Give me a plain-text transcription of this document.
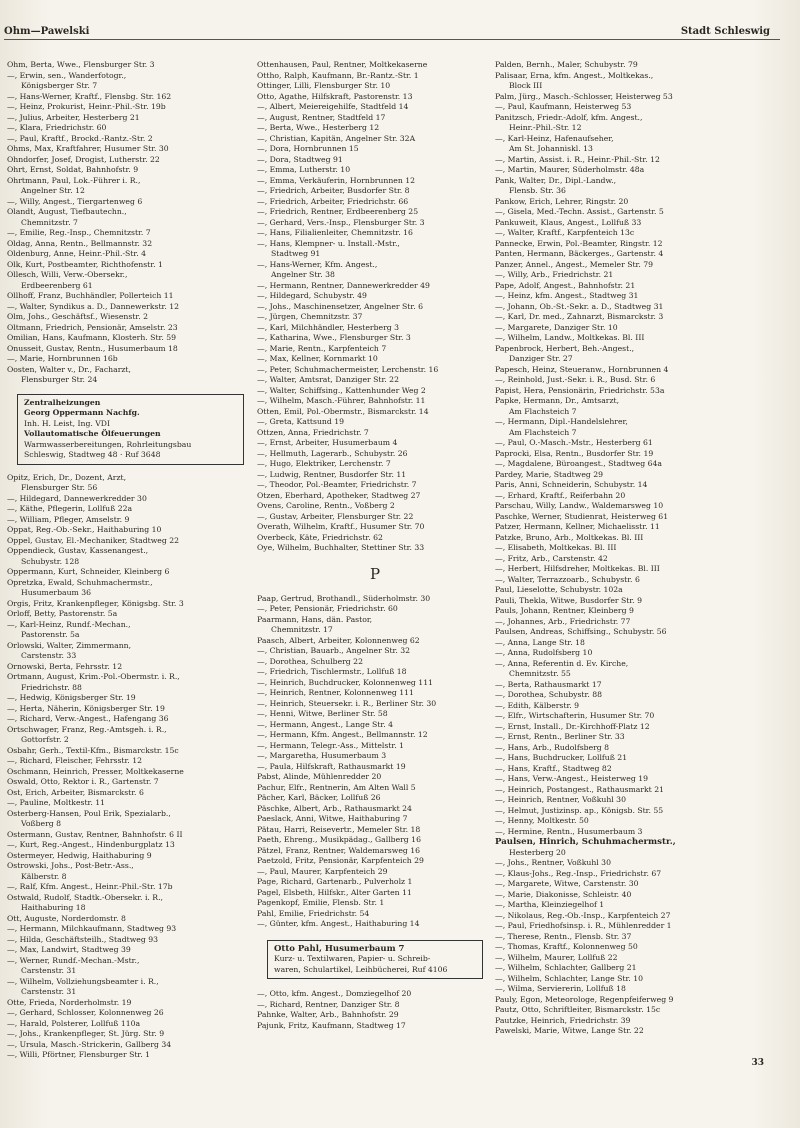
Ohm—Pawelski	Stadt Schleswig
Ohm, Berta, Wwe., Flensburger Str. 3
—, Erwin, sen., Wanderfotogr.,
Königsberger Str. 7
—, Hans-Werner, Kraftf., Flensbg. Str. 162
—, Heinz, Prokurist, Heinr.-Phil.-Str. 19b
—, Julius, Arbeiter, Hesterberg 21
—, Klara, Friedrichstr. 60
—, Paul, Kraftf., Brockd.-Rantz.-Str. 2
Ohms, Max, Kraftfahrer, Husumer Str. 30
Ohndorfer, Josef, Drogist, Lutherstr. 22
Ohrt, Ernst, Soldat, Bahnhofstr. 9
Ohrtmann, Paul, Lok.-Führer i. R.,
Angelner Str. 12
—, Willy, Angest., Tiergartenweg 6
Olandt, August, Tiefbautechn.,
Chemnitzstr. 7
—, Emilie, Reg.-Insp., Chemnitzstr. 7
Oldag, Anna, Rentn., Bellmannstr. 32
Oldenburg, Anne, Heinr.-Phil.-Str. 4
Olk, Kurt, Postbeamter, Richthofenstr. 1
Ollesch, Willi, Verw.-Obersekr.,
Erdbeerenberg 61
Ollhoff, Franz, Buchhändler, Pollerteich 11
—, Walter, Syndikus a. D., Dannewerkstr. 12
Olm, Johs., Geschäftsf., Wiesenstr. 2
Oltmann, Friedrich, Pensionär, Amselstr. 23
Omilian, Hans, Kaufmann, Klosterh. Str. 59
Onusseit, Gustav, Rentn., Husumerbaum 18
—, Marie, Hornbrunnen 16b
Oosten, Walter v., Dr., Facharzt,
Flensburger Str. 24
Zentralheizungen
Georg Oppermann Nachfg.
Inh. H. Leist, Ing. VDI
Vollautomatische Ölfeuerungen
Warmwasserbereitungen, Rohrleitungsbau
Schleswig, Stadtweg 48 · Ruf 3648
Opitz, Erich, Dr., Dozent, Arzt,
Flensburger Str. 56
—, Hildegard, Dannewerkredder 30
—, Käthe, Pflegerin, Lollfuß 22a
—, William, Pfleger, Amselstr. 9
Oppat, Reg.-Ob.-Sekr., Haithaburing 10
Oppel, Gustav, El.-Mechaniker, Stadtweg 22
Oppendieck, Gustav, Kassenangest.,
Schubystr. 128
Oppermann, Kurt, Schneider, Kleinberg 6
Opretzka, Ewald, Schuhmachermstr.,
Husumerbaum 36
Orgis, Fritz, Krankenpfleger, Königsbg. Str. 3
Orloff, Betty, Pastorenstr. 5a
—, Karl-Heinz, Rundf.-Mechan.,
Pastorenstr. 5a
Orlowski, Walter, Zimmermann,
Carstenstr. 33
Ornowski, Berta, Fehrsstr. 12
Ortmann, August, Krim.-Pol.-Obermstr. i. R.,
Friedrichstr. 88
—, Hedwig, Königsberger Str. 19
—, Herta, Näherin, Königsberger Str. 19
—, Richard, Verw.-Angest., Hafengang 36
Ortschwager, Franz, Reg.-Amtsgeh. i. R.,
Gottorfstr. 2
Osbahr, Gerh., Textil-Kfm., Bismarckstr. 15c
—, Richard, Fleischer, Fehrsstr. 12
Oschmann, Heinrich, Presser, Moltkekaserne
Oswald, Otto, Rektor i. R., Gartenstr. 7
Ost, Erich, Arbeiter, Bismarckstr. 6
—, Pauline, Moltkestr. 11
Osterberg-Hansen, Poul Erik, Spezialarb.,
Voßberg 8
Ostermann, Gustav, Rentner, Bahnhofstr. 6 II
—, Kurt, Reg.-Angest., Hindenburgplatz 13
Ostermeyer, Hedwig, Haithaburing 9
Ostrowski, Johs., Post-Betr.-Ass.,
Kälberstr. 8
—, Ralf, Kfm. Angest., Heinr.-Phil.-Str. 17b
Ostwald, Rudolf, Stadtk.-Obersekr. i. R.,
Haithaburing 18
Ott, Auguste, Norderdomstr. 8
—, Hermann, Milchkaufmann, Stadtweg 93
—, Hilda, Geschäftsteilh., Stadtweg 93
—, Max, Landwirt, Stadtweg 39
—, Werner, Rundf.-Mechan.-Mstr.,
Carstenstr. 31
—, Wilhelm, Vollziehungsbeamter i. R.,
Carstenstr. 31
Otte, Frieda, Norderholmstr. 19
—, Gerhard, Schlosser, Kolonnenweg 26
—, Harald, Polsterer, Lollfuß 110a
—, Johs., Krankenpfleger, St. Jürg. Str. 9
—, Ursula, Masch.-Strickerin, Gallberg 34
—, Willi, Pförtner, Flensburger Str. 1
Ottenhausen, Paul, Rentner, Moltkekaserne
Ottho, Ralph, Kaufmann, Br.-Rantz.-Str. 1
Ottinger, Lilli, Flensburger Str. 10
Otto, Agathe, Hilfskraft, Pastorenstr. 13
—, Albert, Meiereigehilfe, Stadtfeld 14
—, August, Rentner, Stadtfeld 17
—, Berta, Wwe., Hesterberg 12
—, Christian, Kapitän, Angelner Str. 32A
—, Dora, Hornbrunnen 15
—, Dora, Stadtweg 91
—, Emma, Lutherstr. 10
—, Emma, Verkäuferin, Hornbrunnen 12
—, Friedrich, Arbeiter, Busdorfer Str. 8
—, Friedrich, Arbeiter, Friedrichstr. 66
—, Friedrich, Rentner, Erdbeerenberg 25
—, Gerhard, Vers.-Insp., Flensburger Str. 3
—, Hans, Filialienleiter, Chemnitzstr. 16
—, Hans, Klempner- u. Install.-Mstr.,
Stadtweg 91
—, Hans-Werner, Kfm. Angest.,
Angelner Str. 38
—, Hermann, Rentner, Dannewerkredder 49
—, Hildegard, Schubystr. 49
—, Johs., Maschinensetzer, Angelner Str. 6
—, Jürgen, Chemnitzstr. 37
—, Karl, Milchhändler, Hesterberg 3
—, Katharina, Wwe., Flensburger Str. 3
—, Marie, Rentn., Karpfenteich 7
—, Max, Kellner, Kornmarkt 10
—, Peter, Schuhmachermeister, Lerchenstr. 16
—, Walter, Amtsrat, Danziger Str. 22
—, Walter, Schiffsing., Kattenhunder Weg 2
—, Wilhelm, Masch.-Führer, Bahnhofstr. 11
Otten, Emil, Pol.-Obermstr., Bismarckstr. 14
—, Greta, Kattsund 19
Ottzen, Anna, Friedrichstr. 7
—, Ernst, Arbeiter, Husumerbaum 4
—, Hellmuth, Lagerarb., Schubystr. 26
—, Hugo, Elektriker, Lerchenstr. 7
—, Ludwig, Rentner, Busdorfer Str. 11
—, Theodor, Pol.-Beamter, Friedrichstr. 7
Otzen, Eberhard, Apotheker, Stadtweg 27
Ovens, Caroline, Rentn., Voßberg 2
—, Gustav, Arbeiter, Flensburger Str. 22
Overath, Wilhelm, Kraftf., Husumer Str. 70
Overbeck, Käte, Friedrichstr. 62
Oye, Wilhelm, Buchhalter, Stettiner Str. 33
P
Paap, Gertrud, Brothandl., Süderholmstr. 30
—, Peter, Pensionär, Friedrichstr. 60
Paarmann, Hans, dän. Pastor,
Chemnitzstr. 17
Paasch, Albert, Arbeiter, Kolonnenweg 62
—, Christian, Bauarb., Angelner Str. 32
—, Dorothea, Schulberg 22
—, Friedrich, Tischlermstr., Lollfuß 18
—, Heinrich, Buchdrucker, Kolonnenweg 111
—, Heinrich, Rentner, Kolonnenweg 111
—, Heinrich, Steuersekr. i. R., Berliner Str. 30
—, Henni, Witwe, Berliner Str. 58
—, Hermann, Angest., Lange Str. 4
—, Hermann, Kfm. Angest., Bellmannstr. 12
—, Hermann, Telegr.-Ass., Mittelstr. 1
—, Margaretha, Husumerbaum 3
—, Paula, Hilfskraft, Rathausmarkt 19
Pabst, Alinde, Mühlenredder 20
Pachur, Elfr., Rentnerin, Am Alten Wall 5
Pächer, Karl, Bäcker, Lollfuß 26
Päschke, Albert, Arb., Rathausmarkt 24
Paeslack, Anni, Witwe, Haithaburing 7
Pätau, Harri, Reisevertr., Memeler Str. 18
Paeth, Ehreng., Musikpädag., Gallberg 16
Pätzel, Franz, Rentner, Waldemarsweg 16
Paetzold, Fritz, Pensionär, Karpfenteich 29
—, Paul, Maurer, Karpfenteich 29
Page, Richard, Gartenarb., Pulverholz 1
Pagel, Elsbeth, Hilfskr., Alter Garten 11
Pagenkopf, Emilie, Flensb. Str. 1
Pahl, Emilie, Friedrichstr. 54
—, Günter, kfm. Angest., Haithaburing 14
Otto Pahl, Husumerbaum 7
Kurz- u. Textilwaren, Papier- u. Schreib-
waren, Schulartikel, Leihbücherei, Ruf 4106
—, Otto, kfm. Angest., Domziegelhof 20
—, Richard, Rentner, Danziger Str. 8
Pahnke, Walter, Arb., Bahnhofstr. 29
Pajunk, Fritz, Kaufmann, Stadtweg 17
Palden, Bernh., Maler, Schubystr. 79
Palisaar, Erna, kfm. Angest., Moltkekas.,
Block III
Palm, Jürg., Masch.-Schlosser, Heisterweg 53
—, Paul, Kaufmann, Heisterweg 53
Panitzsch, Friedr.-Adolf, kfm. Angest.,
Heinr.-Phil.-Str. 12
—, Karl-Heinz, Hafenaufseher,
Am St. Johanniskl. 13
—, Martin, Assist. i. R., Heinr.-Phil.-Str. 12
—, Martin, Maurer, Süderholmstr. 48a
Pank, Walter, Dr., Dipl.-Landw.,
Flensb. Str. 36
Pankow, Erich, Lehrer, Ringstr. 20
—, Gisela, Med.-Techn. Assist., Gartenstr. 5
Pankuweit, Klaus, Angest., Lollfuß 33
—, Walter, Kraftf., Karpfenteich 13c
Pannecke, Erwin, Pol.-Beamter, Ringstr. 12
Panten, Hermann, Bäckerges., Gartenstr. 4
Panzer, Annel., Angest., Memeler Str. 79
—, Willy, Arb., Friedrichstr. 21
Pape, Adolf, Angest., Bahnhofstr. 21
—, Heinz, kfm. Angest., Stadtweg 31
—, Johann, Ob.-St.-Sekr. a. D., Stadtweg 31
—, Karl, Dr. med., Zahnarzt, Bismarckstr. 3
—, Margarete, Danziger Str. 10
—, Wilhelm, Landw., Moltkekas. Bl. III
Papenbrock, Herbert, Beh.-Angest.,
Danziger Str. 27
Papesch, Heinz, Steueranw., Hornbrunnen 4
—, Reinhold, Just.-Sekr. i. R., Busd. Str. 6
Papist, Hera, Pensionärin, Friedrichstr. 53a
Papke, Hermann, Dr., Amtsarzt,
Am Flachsteich 7
—, Hermann, Dipl.-Handelslehrer,
Am Flachsteich 7
—, Paul, O.-Masch.-Mstr., Hesterberg 61
Paprocki, Elsa, Rentn., Busdorfer Str. 19
—, Magdalene, Büroangest., Stadtweg 64a
Pardey, Marie, Stadtweg 29
Paris, Anni, Schneiderin, Schubystr. 14
—, Erhard, Kraftf., Reiferbahn 20
Parschau, Willy, Landw., Waldemarsweg 10
Paschke, Werner, Studienrat, Heisterweg 61
Patzer, Hermann, Kellner, Michaelisstr. 11
Patzke, Bruno, Arb., Moltkekas. Bl. III
—, Elisabeth, Moltkekas. Bl. III
—, Fritz, Arb., Carstenstr. 42
—, Herbert, Hilfsdreher, Moltkekas. Bl. III
—, Walter, Terrazzoarb., Schubystr. 6
Paul, Lieselotte, Schubystr. 102a
Pauli, Thekla, Witwe, Busdorfer Str. 9
Pauls, Johann, Rentner, Kleinberg 9
—, Johannes, Arb., Friedrichstr. 77
Paulsen, Andreas, Schiffsing., Schubystr. 56
—, Anna, Lange Str. 18
—, Anna, Rudolfsberg 10
—, Anna, Referentin d. Ev. Kirche,
Chemnitzstr. 55
—, Berta, Rathausmarkt 17
—, Dorothea, Schubystr. 88
—, Edith, Kälberstr. 9
—, Elfr., Wirtschafterin, Husumer Str. 70
—, Ernst, Install., Dr.-Kirchhoff-Platz 12
—, Ernst, Rentn., Berliner Str. 33
—, Hans, Arb., Rudolfsberg 8
—, Hans, Buchdrucker, Lollfuß 21
—, Hans, Kraftf., Stadtweg 82
—, Hans, Verw.-Angest., Heisterweg 19
—, Heinrich, Postangest., Rathausmarkt 21
—, Heinrich, Rentner, Voßkuhl 30
—, Helmut, Justizinsp. ap., Königsb. Str. 55
—, Henny, Moltkestr. 50
—, Hermine, Rentn., Husumerbaum 3
Paulsen, Hinrich, Schuhmachermstr.,
Hesterberg 20
—, Johs., Rentner, Voßkuhl 30
—, Klaus-Johs., Reg.-Insp., Friedrichstr. 67
—, Margarete, Witwe, Carstenstr. 30
—, Marie, Diakonisse, Schleistr. 40
—, Martha, Kleinziegelhof 1
—, Nikolaus, Reg.-Ob.-Insp., Karpfenteich 27
—, Paul, Friedhofsinsp. i. R., Mühlenredder 1
—, Therese, Rentn., Flensb. Str. 37
—, Thomas, Kraftf., Kolonnenweg 50
—, Wilhelm, Maurer, Lollfuß 22
—, Wilhelm, Schlachter, Gallberg 21
—, Wilhelm, Schlachter, Lange Str. 10
—, Wilma, Serviererin, Lollfuß 18
Pauly, Egon, Meteorologe, Regenpfeiferweg 9
Pautz, Otto, Schriftleiter, Bismarckstr. 15c
Pautzke, Heinrich, Friedrichstr. 39
Pawelski, Marie, Witwe, Lange Str. 22
33
